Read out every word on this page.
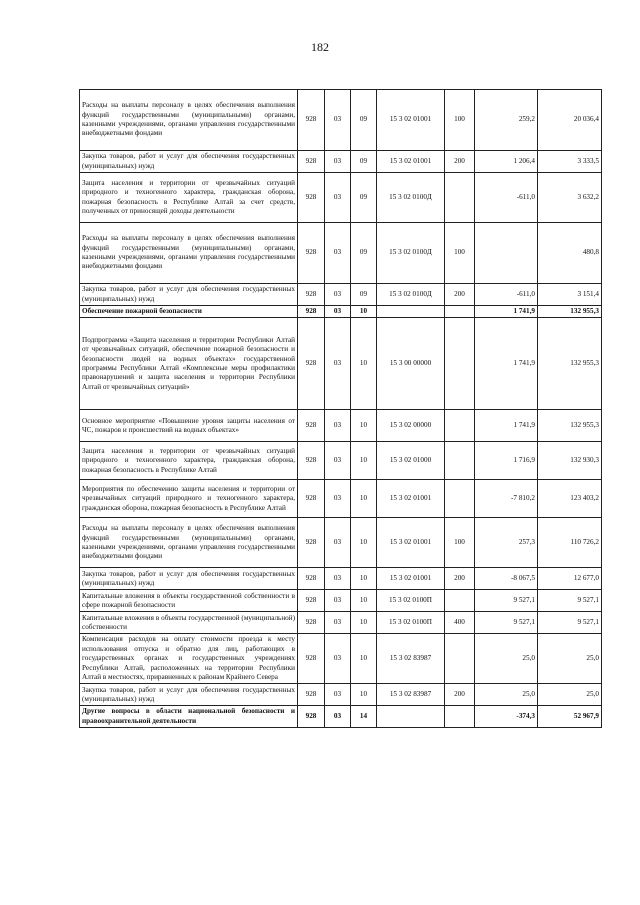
182
Расходы на выплаты персоналу в целях обеспечения выполнения функций государственными (муниципальными) органами, казенными учреждениями, органами управления государственными внебюджетными фондами	928	03	09	15 3 02 01001	100	259,2	20 036,4
Закупка товаров, работ и услуг для обеспечения государственных (муниципальных) нужд	928	03	09	15 3 02 01001	200	1 206,4	3 333,5
Защита населения и территории от чрезвычайных ситуаций природного и техногенного характера, гражданская оборона, пожарная безопасность в Республике Алтай за счет средств, полученных от приносящей доходы деятельности	928	03	09	15 3 02 0100Д		-611,0	3 632,2
Расходы на выплаты персоналу в целях обеспечения выполнения функций государственными (муниципальными) органами, казенными учреждениями, органами управления государственными внебюджетными фондами	928	03	09	15 3 02 0100Д	100		480,8
Закупка товаров, работ и услуг для обеспечения государственных (муниципальных) нужд	928	03	09	15 3 02 0100Д	200	-611,0	3 151,4
Обеспечение пожарной безопасности	928	03	10			1 741,9	132 955,3
Подпрограмма «Защита населения и территории Республики Алтай от чрезвычайных ситуаций, обеспечение пожарной безопасности и безопасности людей на водных объектах» государственной программы Республики Алтай «Комплексные меры профилактики правонарушений и защита населения и территории Республики Алтай от чрезвычайных ситуаций»	928	03	10	15 3 00 00000		1 741,9	132 955,3
Основное мероприятие «Повышение уровня защиты населения от ЧС, пожаров и происшествий на водных объектах»	928	03	10	15 3 02 00000		1 741,9	132 955,3
Защита населения и территории от чрезвычайных ситуаций природного и техногенного характера, гражданская оборона, пожарная безопасность в Республике Алтай	928	03	10	15 3 02 01000		1 716,9	132 930,3
Мероприятия по обеспечению защиты населения и территории от чрезвычайных ситуаций природного и техногенного характера, гражданская оборона, пожарная безопасность в Республике Алтай	928	03	10	15 3 02 01001		-7 810,2	123 403,2
Расходы на выплаты персоналу в целях обеспечения выполнения функций государственными (муниципальными) органами, казенными учреждениями, органами управления государственными внебюджетными фондами	928	03	10	15 3 02 01001	100	257,3	110 726,2
Закупка товаров, работ и услуг для обеспечения государственных (муниципальных) нужд	928	03	10	15 3 02 01001	200	-8 067,5	12 677,0
Капитальные вложения в объекты государственной собственности в сфере пожарной безопасности	928	03	10	15 3 02 0100П		9 527,1	9 527,1
Капитальные вложения в объекты государственной (муниципальной) собственности	928	03	10	15 3 02 0100П	400	9 527,1	9 527,1
Компенсация расходов на оплату стоимости проезда к месту использования отпуска и обратно для лиц, работающих в государственных органах и государственных учреждениях Республики Алтай, расположенных на территории Республики Алтай в местностях, приравненных к районам Крайнего Севера	928	03	10	15 3 02 83987		25,0	25,0
Закупка товаров, работ и услуг для обеспечения государственных (муниципальных) нужд	928	03	10	15 3 02 83987	200	25,0	25,0
Другие вопросы в области национальной безопасности и правоохранительной деятельности	928	03	14			-374,3	52 967,9
